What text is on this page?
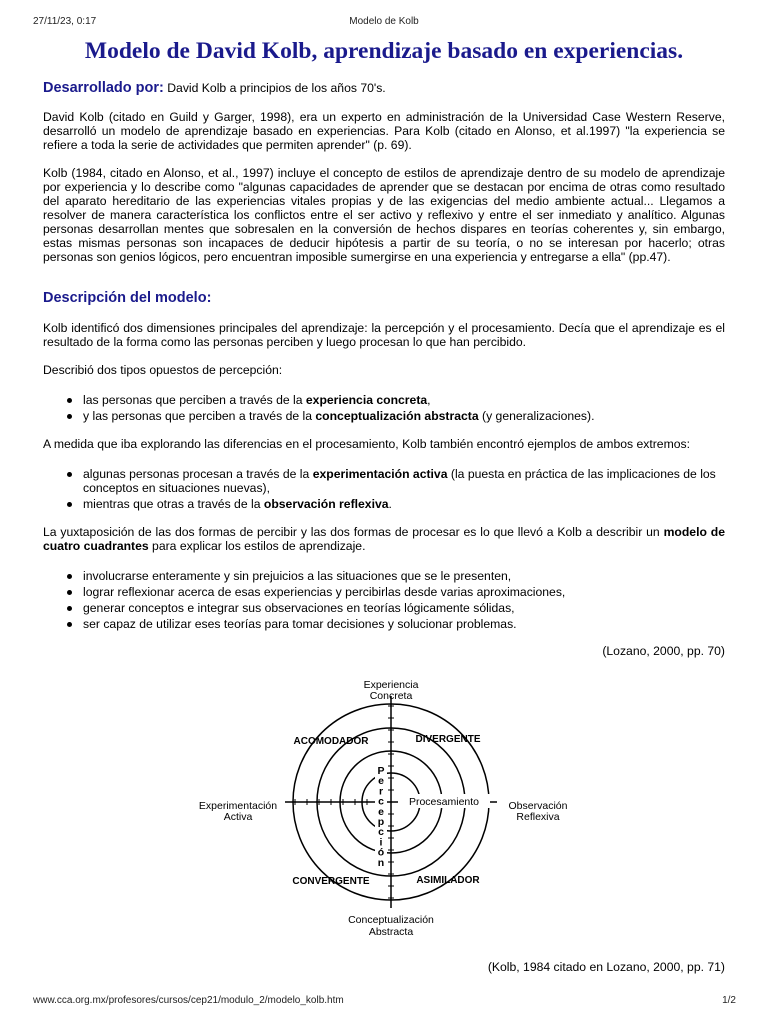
27/11/23, 0:17	Modelo de Kolb
Modelo de David Kolb, aprendizaje basado en experiencias.
Desarrollado por: David Kolb a principios de los años 70's.
David Kolb (citado en Guild y Garger, 1998), era un experto en administración de la Universidad Case Western Reserve, desarrolló un modelo de aprendizaje basado en experiencias. Para Kolb (citado en Alonso, et al.1997) "la experiencia se refiere a toda la serie de actividades que permiten aprender" (p. 69).
Kolb (1984, citado en Alonso, et al., 1997) incluye el concepto de estilos de aprendizaje dentro de su modelo de aprendizaje por experiencia y lo describe como "algunas capacidades de aprender que se destacan por encima de otras como resultado del aparato hereditario de las experiencias vitales propias y de las exigencias del medio ambiente actual... Llegamos a resolver de manera característica los conflictos entre el ser activo y reflexivo y entre el ser inmediato y analítico. Algunas personas desarrollan mentes que sobresalen en la conversión de hechos dispares en teorías coherentes y, sin embargo, estas mismas personas son incapaces de deducir hipótesis a partir de su teoría, o no se interesan por hacerlo; otras personas son genios lógicos, pero encuentran imposible sumergirse en una experiencia y entregarse a ella" (pp.47).
Descripción del modelo:
Kolb identificó dos dimensiones principales del aprendizaje: la percepción y el procesamiento. Decía que el aprendizaje es el resultado de la forma como las personas perciben y luego procesan lo que han percibido.
Describió dos tipos opuestos de percepción:
las personas que perciben a través de la experiencia concreta,
y las personas que perciben a través de la conceptualización abstracta (y generalizaciones).
A medida que iba explorando las diferencias en el procesamiento, Kolb también encontró ejemplos de ambos extremos:
algunas personas procesan a través de la experimentación activa (la puesta en práctica de las implicaciones de los conceptos en situaciones nuevas),
mientras que otras a través de la observación reflexiva.
La yuxtaposición de las dos formas de percibir y las dos formas de procesar es lo que llevó a Kolb a describir un modelo de cuatro cuadrantes para explicar los estilos de aprendizaje.
involucrarse enteramente y sin prejuicios a las situaciones que se le presenten,
lograr reflexionar acerca de esas experiencias y percibirlas desde varias aproximaciones,
generar conceptos e integrar sus observaciones en teorías lógicamente sólidas,
ser capaz de utilizar eses teorías para tomar decisiones y solucionar problemas.
(Lozano, 2000, pp. 70)
Experiencia
Concreta
Conceptualización
Abstracta
Experimentación
Activa
Observación
Reflexiva
ACOMODADOR	DIVERGENTE
CONVERGENTE	ASIMILADOR
Procesamiento
P
e
r
c
e
p
c
i
ó
n
(Kolb, 1984 citado en Lozano, 2000, pp. 71)
www.cca.org.mx/profesores/cursos/cep21/modulo_2/modelo_kolb.htm	1/2
